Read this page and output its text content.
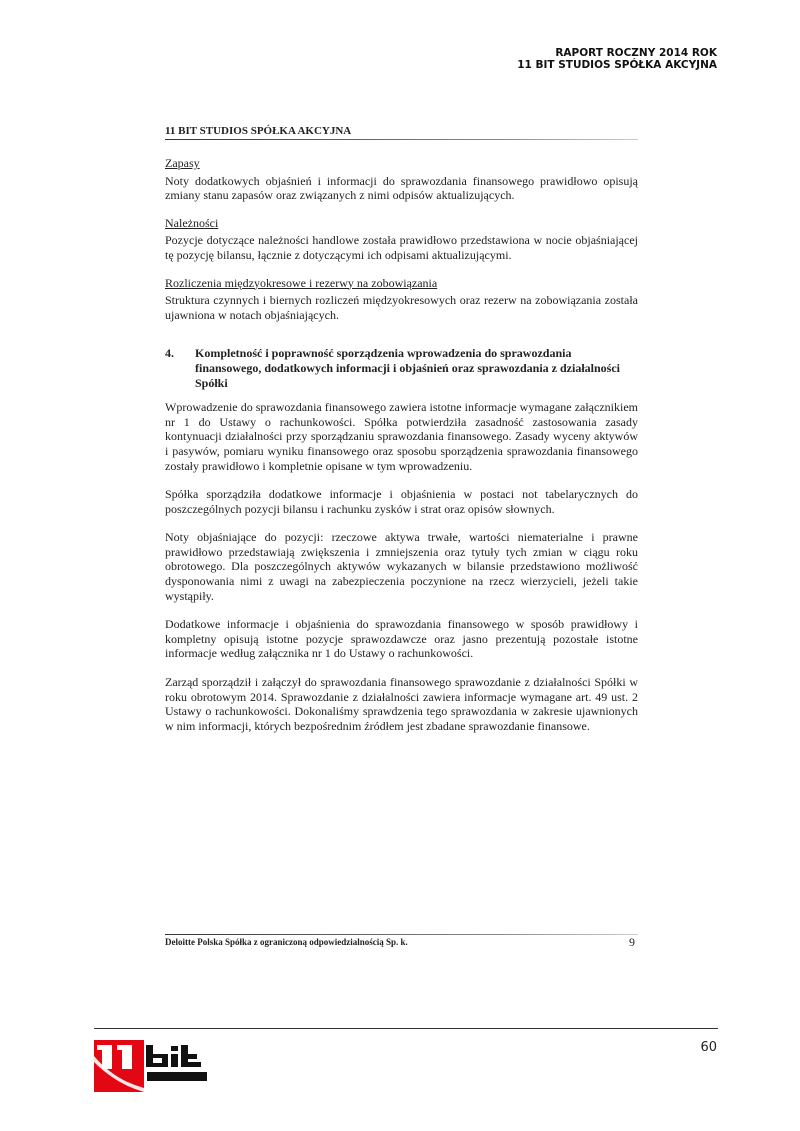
RAPORT ROCZNY 2014 ROK
11 BIT STUDIOS SPÓŁKA AKCYJNA
11 BIT STUDIOS SPÓŁKA AKCYJNA

Zapasy

Noty dodatkowych objaśnień i informacji do sprawozdania finansowego prawidłowo opisują zmiany stanu zapasów oraz związanych z nimi odpisów aktualizujących.

Należności

Pozycje dotyczące należności handlowe została prawidłowo przedstawiona w nocie objaśniającej tę pozycję bilansu, łącznie z dotyczącymi ich odpisami aktualizującymi.

Rozliczenia międzyokresowe i rezerwy na zobowiązania

Struktura czynnych i biernych rozliczeń międzyokresowych oraz rezerw na zobowiązania została ujawniona w notach objaśniających.

4.	Kompletność i poprawność sporządzenia wprowadzenia do sprawozdania finansowego, dodatkowych informacji i objaśnień oraz sprawozdania z działalności Spółki

Wprowadzenie do sprawozdania finansowego zawiera istotne informacje wymagane załącznikiem nr 1 do Ustawy o rachunkowości. Spółka potwierdziła zasadność zastosowania zasady kontynuacji działalności przy sporządzaniu sprawozdania finansowego. Zasady wyceny aktywów i pasywów, pomiaru wyniku finansowego oraz sposobu sporządzenia sprawozdania finansowego zostały prawidłowo i kompletnie opisane w tym wprowadzeniu.

Spółka sporządziła dodatkowe informacje i objaśnienia w postaci not tabelarycznych do poszczególnych pozycji bilansu i rachunku zysków i strat oraz opisów słownych.

Noty objaśniające do pozycji: rzeczowe aktywa trwałe, wartości niematerialne i prawne prawidłowo przedstawiają zwiększenia i zmniejszenia oraz tytuły tych zmian w ciągu roku obrotowego. Dla poszczególnych aktywów wykazanych w bilansie przedstawiono możliwość dysponowania nimi z uwagi na zabezpieczenia poczynione na rzecz wierzycieli, jeżeli takie wystąpiły.

Dodatkowe informacje i objaśnienia do sprawozdania finansowego w sposób prawidłowy i kompletny opisują istotne pozycje sprawozdawcze oraz jasno prezentują pozostałe istotne informacje według załącznika nr 1 do Ustawy o rachunkowości.

Zarząd sporządził i załączył do sprawozdania finansowego sprawozdanie z działalności Spółki w roku obrotowym 2014. Sprawozdanie z działalności zawiera informacje wymagane art. 49 ust. 2 Ustawy o rachunkowości. Dokonaliśmy sprawdzenia tego sprawozdania w zakresie ujawnionych w nim informacji, których bezpośrednim źródłem jest zbadane sprawozdanie finansowe.

Deloitte Polska Spółka z ograniczoną odpowiedzialnością Sp. k.	9
60
